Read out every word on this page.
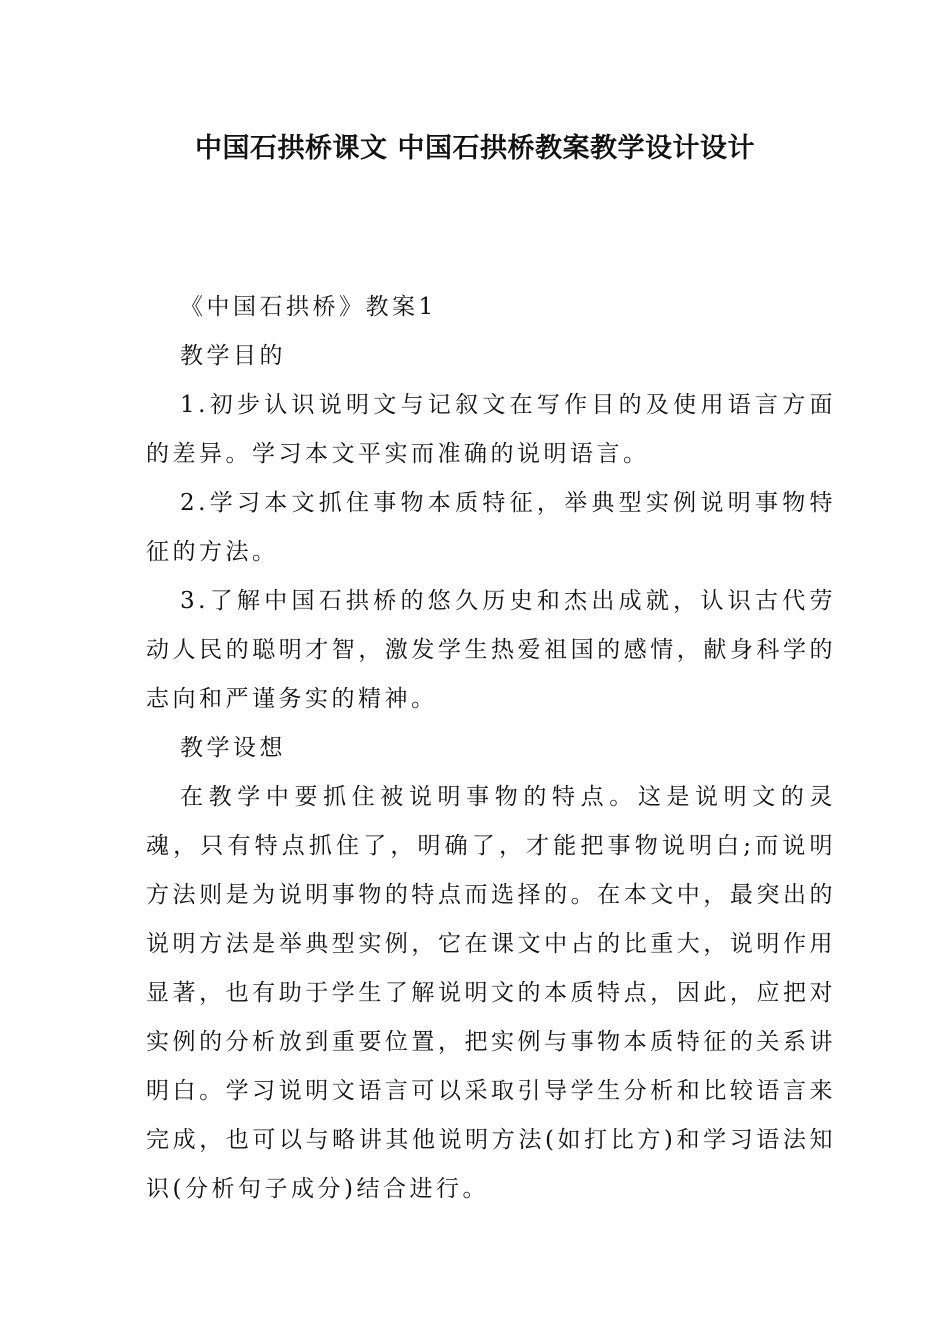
中国石拱桥课文 中国石拱桥教案教学设计设计

《中国石拱桥》教案1

教学目的

1.初步认识说明文与记叙文在写作目的及使用语言方面的差异。学习本文平实而准确的说明语言。

2.学习本文抓住事物本质特征，举典型实例说明事物特征的方法。

3.了解中国石拱桥的悠久历史和杰出成就，认识古代劳动人民的聪明才智，激发学生热爱祖国的感情，献身科学的志向和严谨务实的精神。

教学设想

在教学中要抓住被说明事物的特点。这是说明文的灵魂，只有特点抓住了，明确了，才能把事物说明白;而说明方法则是为说明事物的特点而选择的。在本文中，最突出的说明方法是举典型实例，它在课文中占的比重大，说明作用显著，也有助于学生了解说明文的本质特点，因此，应把对实例的分析放到重要位置，把实例与事物本质特征的关系讲明白。学习说明文语言可以采取引导学生分析和比较语言来完成，也可以与略讲其他说明方法(如打比方)和学习语法知识(分析句子成分)结合进行。
